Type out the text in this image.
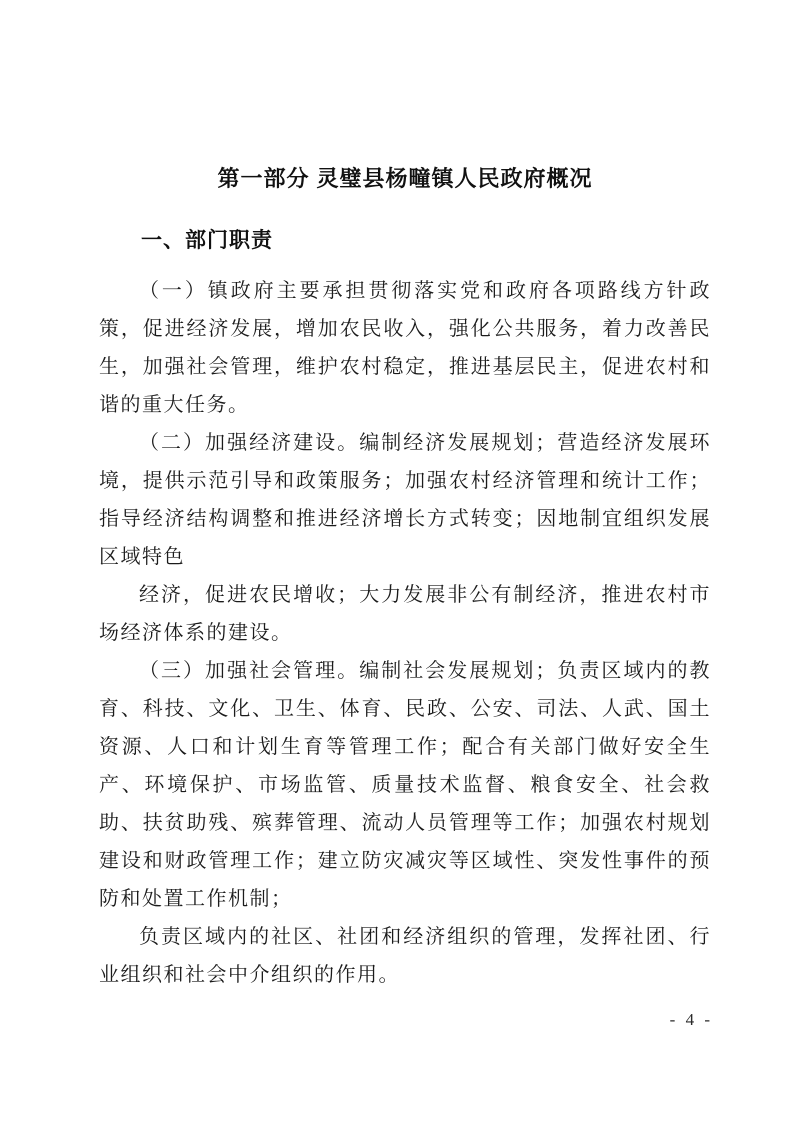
第一部分 灵璧县杨疃镇人民政府概况
一、部门职责

（一）镇政府主要承担贯彻落实党和政府各项路线方针政策，促进经济发展，增加农民收入，强化公共服务，着力改善民生，加强社会管理，维护农村稳定，推进基层民主，促进农村和谐的重大任务。

（二）加强经济建设。编制经济发展规划；营造经济发展环境，提供示范引导和政策服务；加强农村经济管理和统计工作；指导经济结构调整和推进经济增长方式转变；因地制宜组织发展区域特色

经济，促进农民增收；大力发展非公有制经济，推进农村市场经济体系的建设。

（三）加强社会管理。编制社会发展规划；负责区域内的教育、科技、文化、卫生、体育、民政、公安、司法、人武、国土资源、人口和计划生育等管理工作；配合有关部门做好安全生产、环境保护、市场监管、质量技术监督、粮食安全、社会救助、扶贫助残、殡葬管理、流动人员管理等工作；加强农村规划建设和财政管理工作；建立防灾减灾等区域性、突发性事件的预防和处置工作机制；

负责区域内的社区、社团和经济组织的管理，发挥社团、行业组织和社会中介组织的作用。

- 4 -
